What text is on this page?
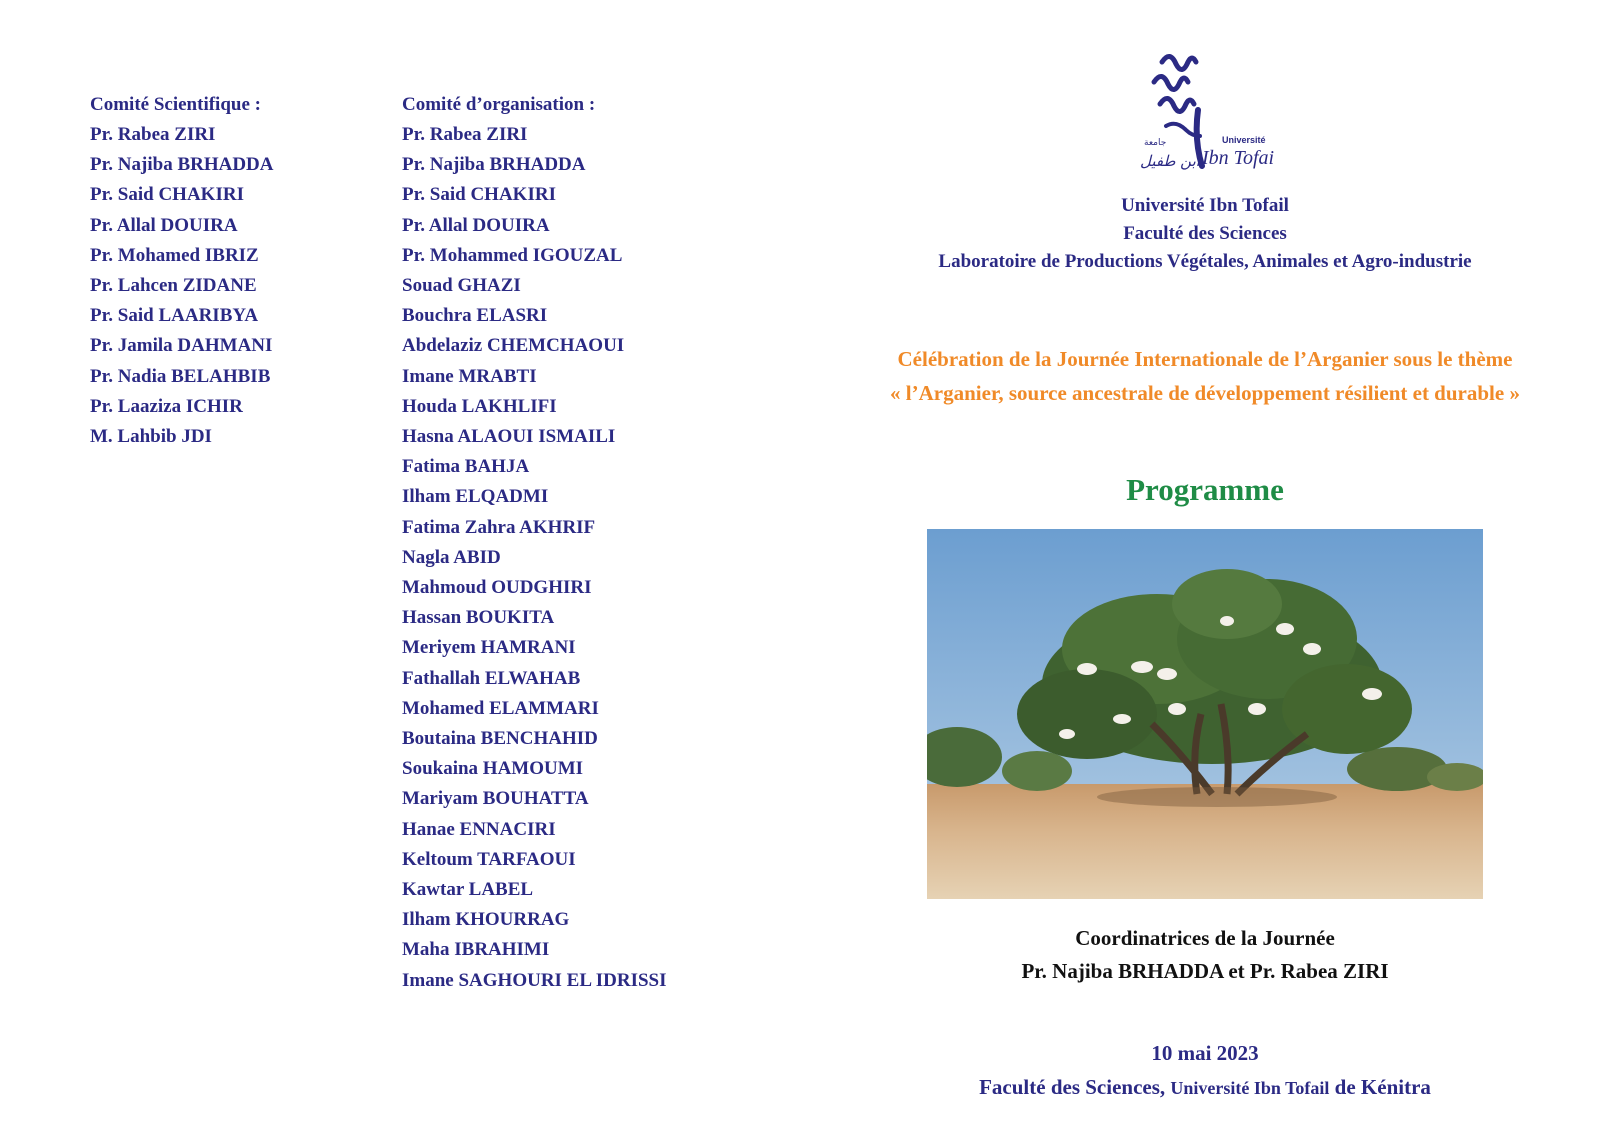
Comité Scientifique :
Pr. Rabea ZIRI
Pr. Najiba BRHADDA
Pr. Said CHAKIRI
Pr. Allal DOUIRA
Pr. Mohamed IBRIZ
Pr. Lahcen ZIDANE
Pr. Said LAARIBYA
Pr. Jamila DAHMANI
Pr. Nadia BELAHBIB
Pr. Laaziza ICHIR
M. Lahbib JDI
Comité d’organisation :
Pr. Rabea ZIRI
Pr. Najiba BRHADDA
Pr. Said CHAKIRI
Pr. Allal DOUIRA
Pr. Mohammed IGOUZAL
Souad GHAZI
Bouchra ELASRI
Abdelaziz CHEMCHAOUI
Imane MRABTI
Houda LAKHLIFI
Hasna ALAOUI ISMAILI
Fatima BAHJA
Ilham ELQADMI
Fatima Zahra AKHRIF
Nagla ABID
Mahmoud OUDGHIRI
Hassan BOUKITA
Meriyem HAMRANI
Fathallah ELWAHAB
Mohamed ELAMMARI
Boutaina BENCHAHID
Soukaina HAMOUMI
Mariyam BOUHATTA
Hanae ENNACIRI
Keltoum TARFAOUI
Kawtar LABEL
Ilham KHOURRAG
Maha IBRAHIMI
Imane SAGHOURI EL IDRISSI
Université
Ibn Tofail
جامعة
ابن طفيل
Université Ibn Tofail
Faculté des Sciences
Laboratoire de Productions Végétales, Animales et Agro-industrie
Célébration de la Journée Internationale de l’Arganier sous le thème
« l’Arganier, source ancestrale de développement résilient et durable »
Programme
Coordinatrices de la Journée
Pr. Najiba BRHADDA et Pr. Rabea ZIRI
10 mai 2023
Faculté des Sciences, Université Ibn Tofail de Kénitra
